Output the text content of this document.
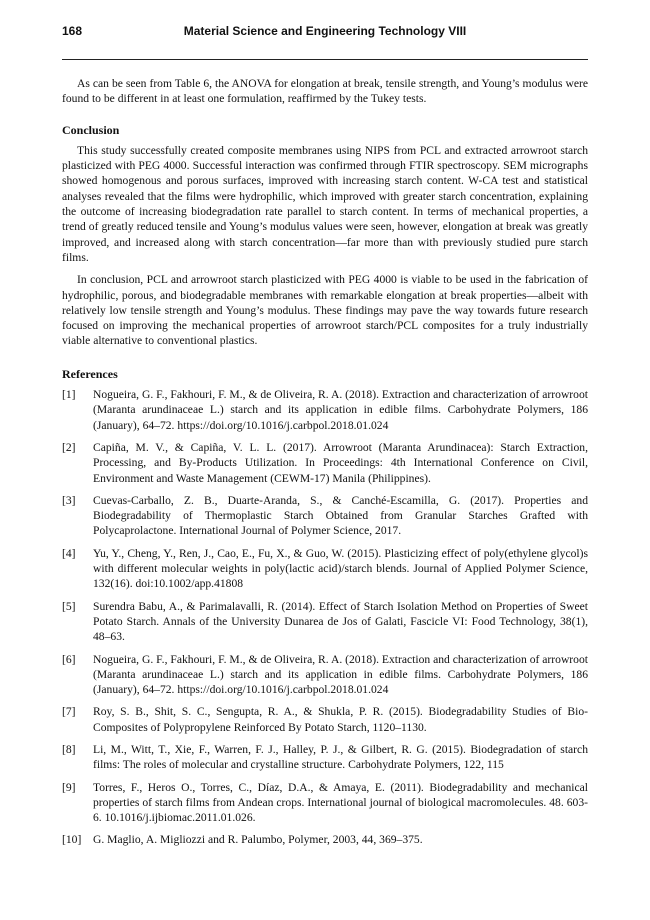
168	Material Science and Engineering Technology VIII

As can be seen from Table 6, the ANOVA for elongation at break, tensile strength, and Young’s modulus were found to be different in at least one formulation, reaffirmed by the Tukey tests.

Conclusion

This study successfully created composite membranes using NIPS from PCL and extracted arrowroot starch plasticized with PEG 4000. Successful interaction was confirmed through FTIR spectroscopy. SEM micrographs showed homogenous and porous surfaces, improved with increasing starch content. W-CA test and statistical analyses revealed that the films were hydrophilic, which improved with greater starch concentration, explaining the outcome of increasing biodegradation rate parallel to starch content. In terms of mechanical properties, a trend of greatly reduced tensile and Young’s modulus values were seen, however, elongation at break was greatly improved, and increased along with starch concentration—far more than with previously studied pure starch films.

In conclusion, PCL and arrowroot starch plasticized with PEG 4000 is viable to be used in the fabrication of hydrophilic, porous, and biodegradable membranes with remarkable elongation at break properties—albeit with relatively low tensile strength and Young’s modulus. These findings may pave the way towards future research focused on improving the mechanical properties of arrowroot starch/PCL composites for a truly industrially viable alternative to conventional plastics.

References
[1]	Nogueira, G. F., Fakhouri, F. M., & de Oliveira, R. A. (2018). Extraction and characterization of arrowroot (Maranta arundinaceae L.) starch and its application in edible films. Carbohydrate Polymers, 186 (January), 64–72. https://doi.org/10.1016/j.carbpol.2018.01.024
[2]	Capiña, M. V., & Capiña, V. L. L. (2017). Arrowroot (Maranta Arundinacea): Starch Extraction, Processing, and By-Products Utilization. In Proceedings: 4th International Conference on Civil, Environment and Waste Management (CEWM-17) Manila (Philippines).
[3]	Cuevas-Carballo, Z. B., Duarte-Aranda, S., & Canché-Escamilla, G. (2017). Properties and Biodegradability of Thermoplastic Starch Obtained from Granular Starches Grafted with Polycaprolactone. International Journal of Polymer Science, 2017.
[4]	Yu, Y., Cheng, Y., Ren, J., Cao, E., Fu, X., & Guo, W. (2015). Plasticizing effect of poly(ethylene glycol)s with different molecular weights in poly(lactic acid)/starch blends. Journal of Applied Polymer Science, 132(16). doi:10.1002/app.41808
[5]	Surendra Babu, A., & Parimalavalli, R. (2014). Effect of Starch Isolation Method on Properties of Sweet Potato Starch. Annals of the University Dunarea de Jos of Galati, Fascicle VI: Food Technology, 38(1), 48–63.
[6]	Nogueira, G. F., Fakhouri, F. M., & de Oliveira, R. A. (2018). Extraction and characterization of arrowroot (Maranta arundinaceae L.) starch and its application in edible films. Carbohydrate Polymers, 186 (January), 64–72. https://doi.org/10.1016/j.carbpol.2018.01.024
[7]	Roy, S. B., Shit, S. C., Sengupta, R. A., & Shukla, P. R. (2015). Biodegradability Studies of Bio-Composites of Polypropylene Reinforced By Potato Starch, 1120–1130.
[8]	Li, M., Witt, T., Xie, F., Warren, F. J., Halley, P. J., & Gilbert, R. G. (2015). Biodegradation of starch films: The roles of molecular and crystalline structure. Carbohydrate Polymers, 122, 115
[9]	Torres, F., Heros O., Torres, C., Díaz, D.A., & Amaya, E. (2011). Biodegradability and mechanical properties of starch films from Andean crops. International journal of biological macromolecules. 48. 603-6. 10.1016/j.ijbiomac.2011.01.026.
[10]	G. Maglio, A. Migliozzi and R. Palumbo, Polymer, 2003, 44, 369–375.
